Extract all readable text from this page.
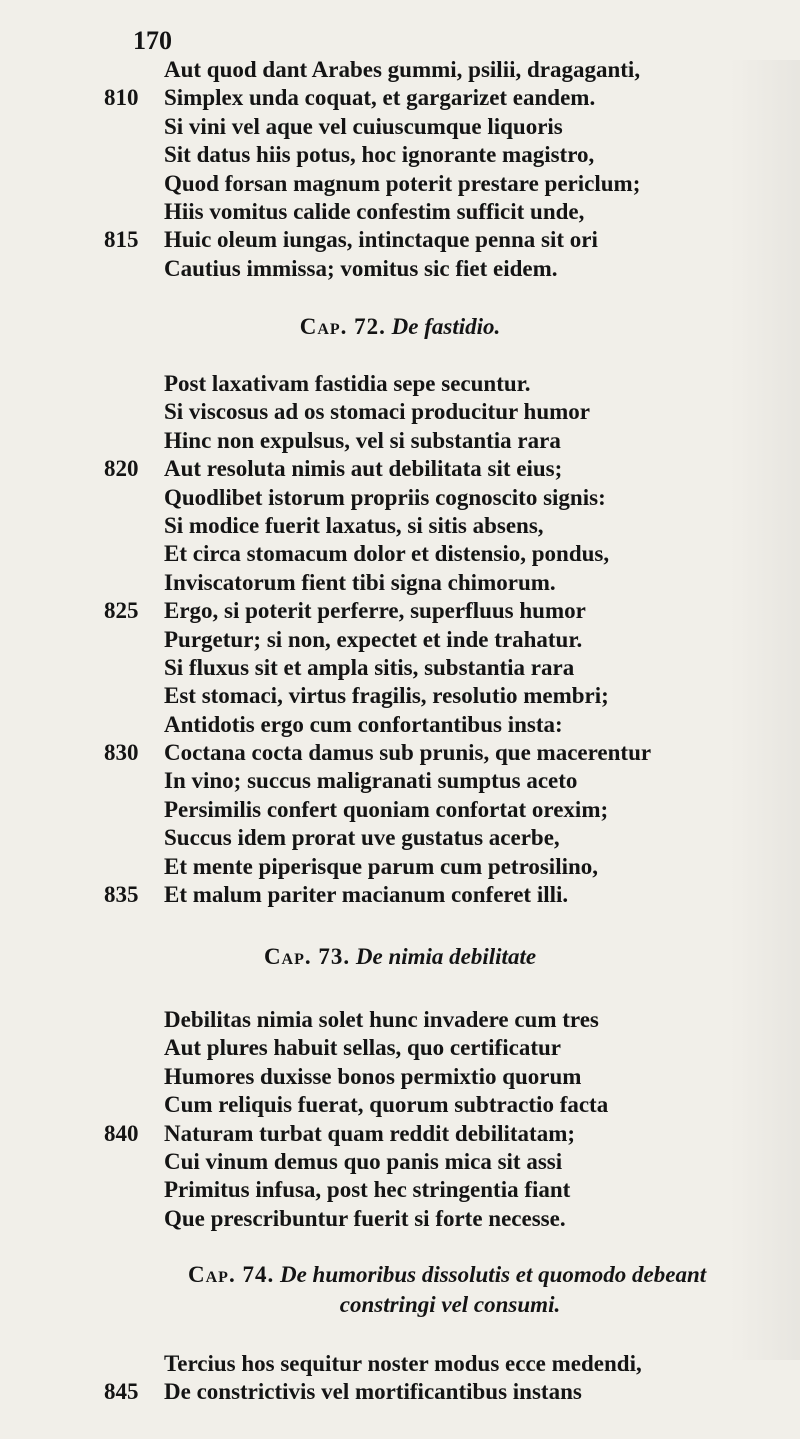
170
Aut quod dant Arabes gummi, psilii, dragaganti,
810	Simplex unda coquat, et gargarizet eandem.
Si vini vel aque vel cuiuscumque liquoris
Sit datus hiis potus, hoc ignorante magistro,
Quod forsan magnum poterit prestare periclum;
Hiis vomitus calide confestim sufficit unde,
815	Huic oleum iungas, intinctaque penna sit ori
Cautius immissa; vomitus sic fiet eidem.
Cap. 72. De fastidio.
Post laxativam fastidia sepe secuntur.
Si viscosus ad os stomaci producitur humor
Hinc non expulsus, vel si substantia rara
820	Aut resoluta nimis aut debilitata sit eius;
Quodlibet istorum propriis cognoscito signis:
Si modice fuerit laxatus, si sitis absens,
Et circa stomacum dolor et distensio, pondus,
Inviscatorum fient tibi signa chimorum.
825	Ergo, si poterit perferre, superfluus humor
Purgetur; si non, expectet et inde trahatur.
Si fluxus sit et ampla sitis, substantia rara
Est stomaci, virtus fragilis, resolutio membri;
Antidotis ergo cum confortantibus insta:
830	Coctana cocta damus sub prunis, que macerentur
In vino; succus maligranati sumptus aceto
Persimilis confert quoniam confortat orexim;
Succus idem prorat uve gustatus acerbe,
Et mente piperisque parum cum petrosilino,
835	Et malum pariter macianum conferet illi.
Cap. 73. De nimia debilitate
Debilitas nimia solet hunc invadere cum tres
Aut plures habuit sellas, quo certificatur
Humores duxisse bonos permixtio quorum
Cum reliquis fuerat, quorum subtractio facta
840	Naturam turbat quam reddit debilitatam;
Cui vinum demus quo panis mica sit assi
Primitus infusa, post hec stringentia fiant
Que prescribuntur fuerit si forte necesse.
Cap. 74. De humoribus dissolutis et quomodo debeant
constringi vel consumi.
Tercius hos sequitur noster modus ecce medendi,
845	De constrictivis vel mortificantibus instans
